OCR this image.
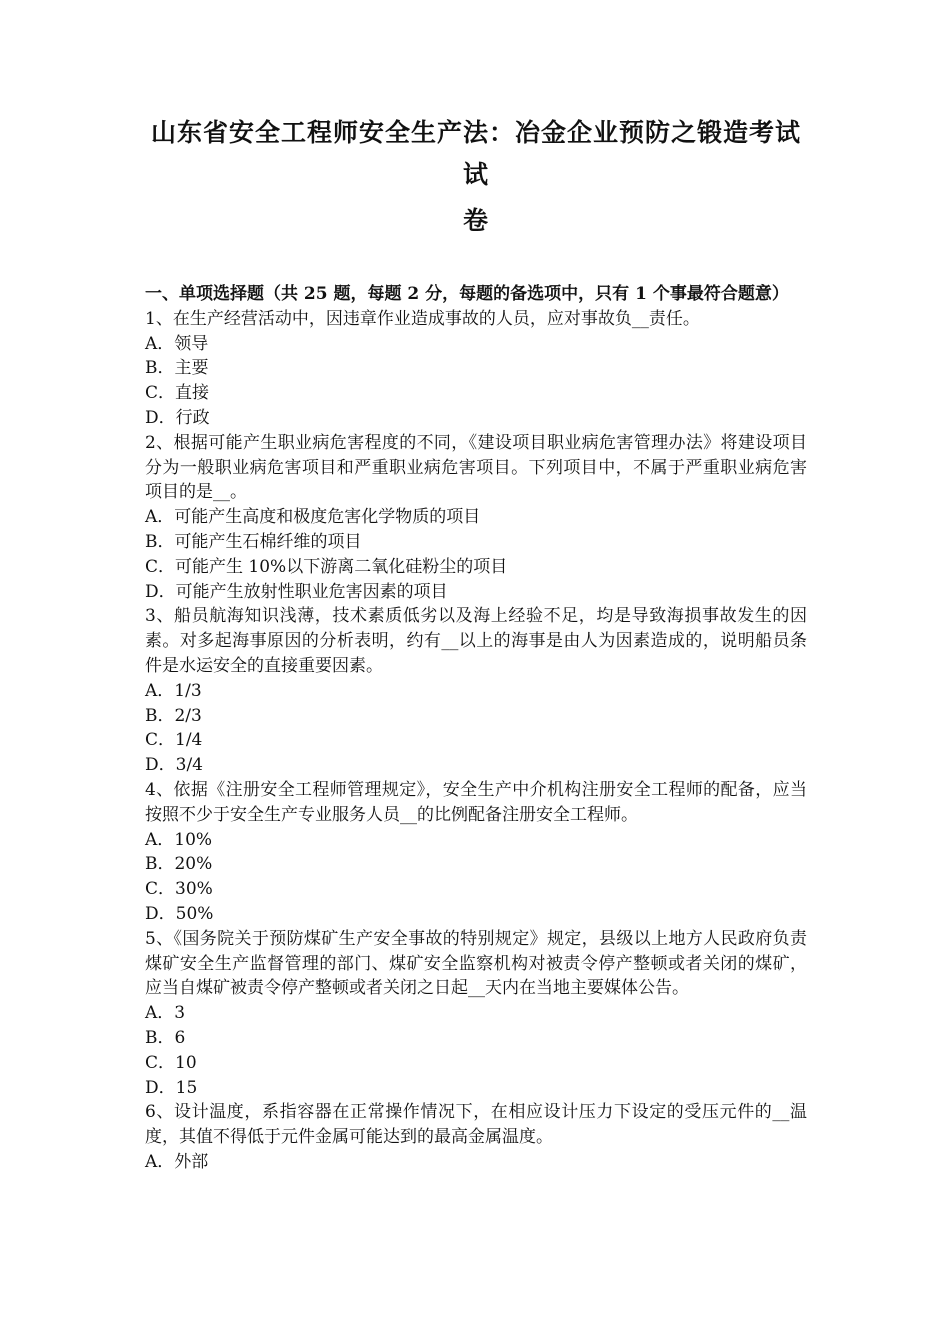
山东省安全工程师安全生产法：冶金企业预防之锻造考试试
卷
一、单项选择题（共 25 题，每题 2 分，每题的备选项中，只有 1 个事最符合题意）

1、在生产经营活动中，因违章作业造成事故的人员，应对事故负__责任。

A．领导

B．主要

C．直接

D．行政

2、根据可能产生职业病危害程度的不同，《建设项目职业病危害管理办法》将建设项目分为一般职业病危害项目和严重职业病危害项目。下列项目中，不属于严重职业病危害项目的是__。

A．可能产生高度和极度危害化学物质的项目

B．可能产生石棉纤维的项目

C．可能产生 10%以下游离二氧化硅粉尘的项目

D．可能产生放射性职业危害因素的项目

3、船员航海知识浅薄，技术素质低劣以及海上经验不足，均是导致海损事故发生的因素。对多起海事原因的分析表明，约有__以上的海事是由人为因素造成的，说明船员条件是水运安全的直接重要因素。

A．1/3

B．2/3

C．1/4

D．3/4

4、依据《注册安全工程师管理规定》，安全生产中介机构注册安全工程师的配备，应当按照不少于安全生产专业服务人员__的比例配备注册安全工程师。

A．10%

B．20%

C．30%

D．50%

5、《国务院关于预防煤矿生产安全事故的特别规定》规定，县级以上地方人民政府负责煤矿安全生产监督管理的部门、煤矿安全监察机构对被责令停产整顿或者关闭的煤矿，应当自煤矿被责令停产整顿或者关闭之日起__天内在当地主要媒体公告。

A．3

B．6

C．10

D．15

6、设计温度，系指容器在正常操作情况下，在相应设计压力下设定的受压元件的__温度，其值不得低于元件金属可能达到的最高金属温度。

A．外部
